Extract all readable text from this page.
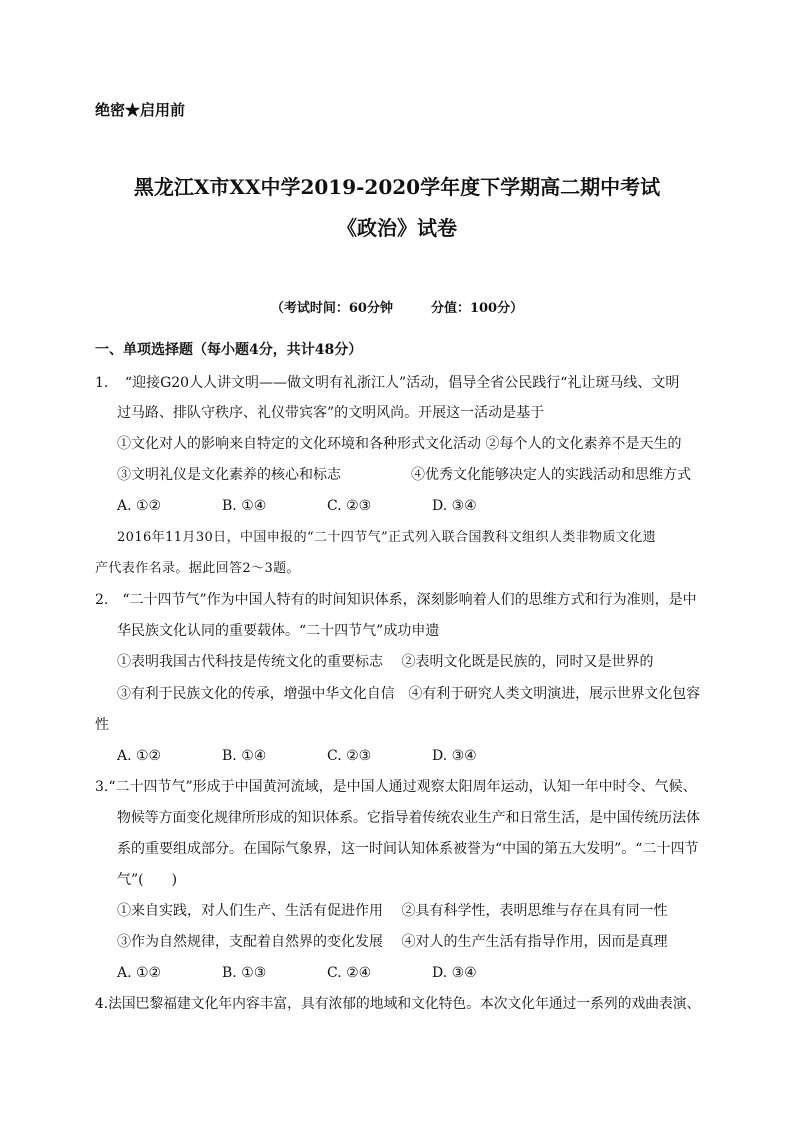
绝密★启用前
黑龙江X市XX中学2019-2020学年度下学期高二期中考试
《政治》试卷
（考试时间：60分钟	分值：100分）
一、单项选择题（每小题4分，共计48分）
1．　“迎接G20人人讲文明——做文明有礼浙江人”活动，倡导全省公民践行“礼让斑马线、文明
过马路、排队守秩序、礼仪带宾客”的文明风尚。开展这一活动是基于
①文化对人的影响来自特定的文化环境和各种形式文化活动 ②每个人的文化素养不是天生的
③文明礼仪是文化素养的核心和标志　　　　　④优秀文化能够决定人的实践活动和思维方式
A. ①②	B. ①④	C. ②③	D. ③④
2016年11月30日，中国申报的“二十四节气”正式列入联合国教科文组织人类非物质文化遗
产代表作名录。据此回答2～3题。
2.　“二十四节气”作为中国人特有的时间知识体系，深刻影响着人们的思维方式和行为准则，是中
华民族文化认同的重要载体。“二十四节气”成功申遗
①表明我国古代科技是传统文化的重要标志　 ②表明文化既是民族的，同时又是世界的
③有利于民族文化的传承，增强中华文化自信　④有利于研究人类文明演进，展示世界文化包容
性
A. ①②	B. ①④	C. ②③	D. ③④
3.“二十四节气”形成于中国黄河流域，是中国人通过观察太阳周年运动，认知一年中时令、气候、
物候等方面变化规律所形成的知识体系。它指导着传统农业生产和日常生活，是中国传统历法体
系的重要组成部分。在国际气象界，这一时间认知体系被誉为“中国的第五大发明”。“二十四节
气”(　　)
①来自实践，对人们生产、生活有促进作用　 ②具有科学性，表明思维与存在具有同一性
③作为自然规律，支配着自然界的变化发展　 ④对人的生产生活有指导作用，因而是真理
A. ①②	B. ①③	C. ②④	D. ③④
4.法国巴黎福建文化年内容丰富，具有浓郁的地域和文化特色。本次文化年通过一系列的戏曲表演、
